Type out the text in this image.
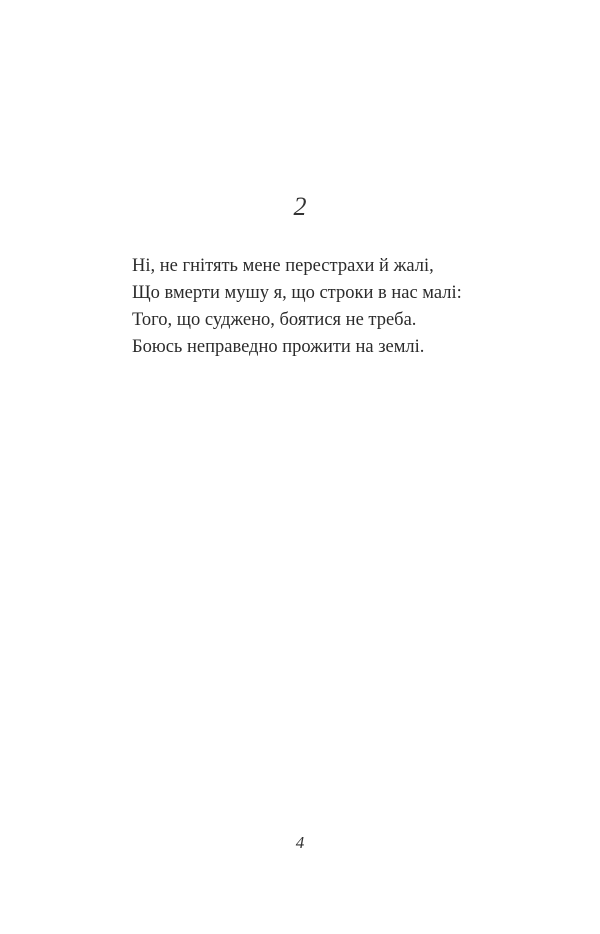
2
Ні, не гнітять мене перестрахи й жалі,
Що вмерти мушу я, що строки в нас малі:
Того, що суджено, боятися не треба.
Боюсь неправедно прожити на землі.
4
